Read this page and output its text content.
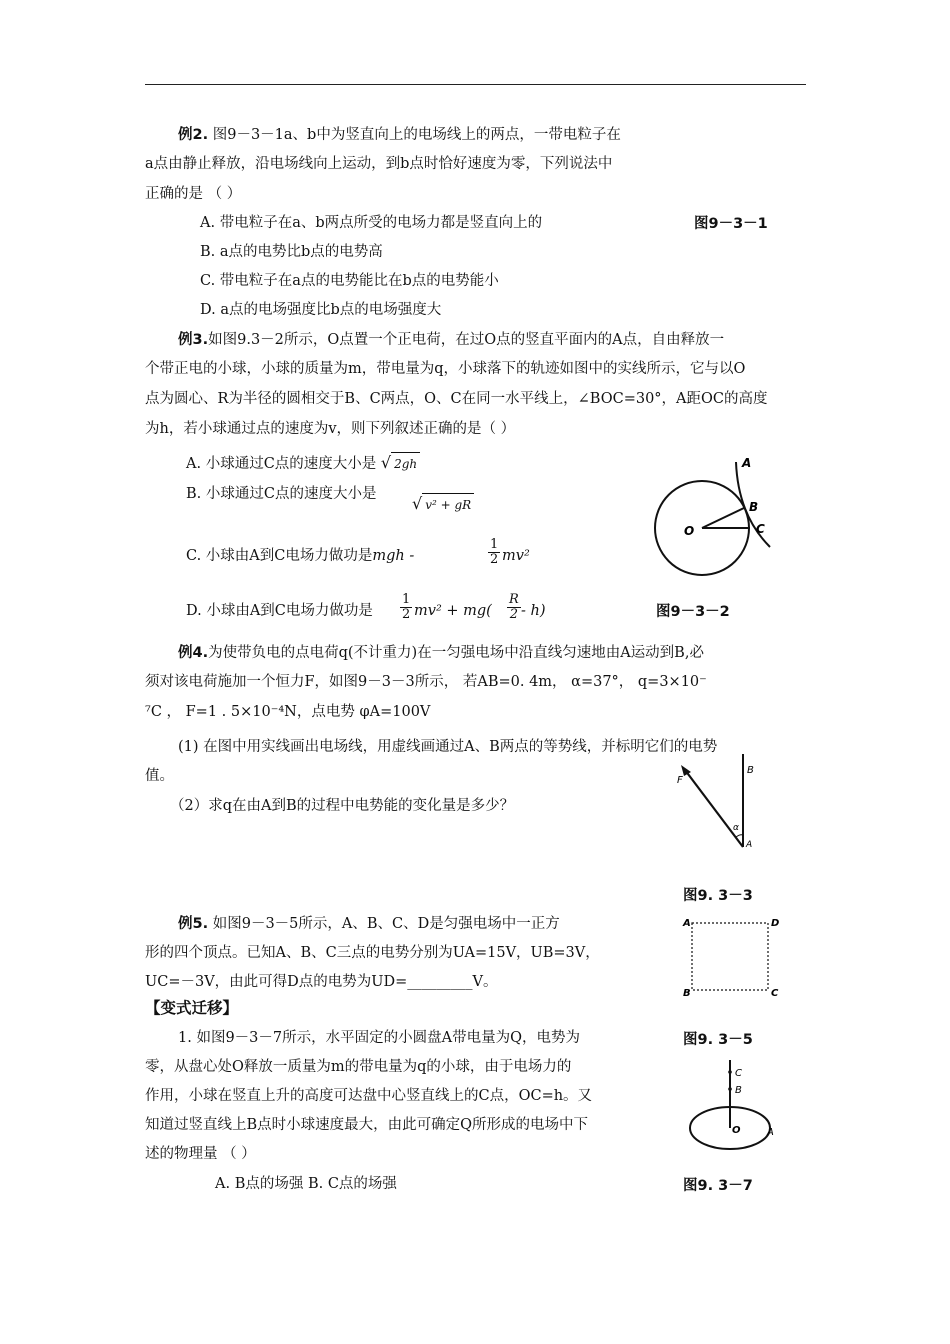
例2. 图9－3－1a、b中为竖直向上的电场线上的两点，一带电粒子在
a点由静止释放，沿电场线向上运动，到b点时恰好速度为零，下列说法中
正确的是 （ ）
A. 带电粒子在a、b两点所受的电场力都是竖直向上的	图9－3－1
B. a点的电势比b点的电势高
C. 带电粒子在a点的电势能比在b点的电势能小
D. a点的电场强度比b点的电场强度大
例3.如图9.3－2所示，O点置一个正电荷，在过O点的竖直平面内的A点，自由释放一
个带正电的小球，小球的质量为m，带电量为q，小球落下的轨迹如图中的实线所示，它与以O
点为圆心、R为半径的圆相交于B、C两点，O、C在同一水平线上，∠BOC=30°，A距OC的高度
为h，若小球通过点的速度为v，则下列叙述正确的是（ ）
A. 小球通过C点的速度大小是 √ 2gh
B. 小球通过C点的速度大小是 √ v² + gR
C. 小球由A到C电场力做功是mgh -	$\frac{1}{2} mv^2$
D. 小球由A到C电场力做功是 $\frac{1}{2} mv^2 + mg( \frac{R}{2} - h)$
A
B
C
O
图9－3－2
例4.为使带负电的点电荷q(不计重力)在一匀强电场中沿直线匀速地由A运动到B,必
须对该电荷施加一个恒力F，如图9－3－3所示， 若AB=0. 4m， α=37°， q=3×10⁻
⁷C ， F=1 . 5×10⁻⁴N，点电势 φA=100V
(1) 在图中用实线画出电场线，用虚线画通过A、B两点的等势线，并标明它们的电势
值。
（2）求q在由A到B的过程中电势能的变化量是多少？
B
F
α
A
图9. 3－3
例5. 如图9－3－5所示，A、B、C、D是匀强电场中一正方
形的四个顶点。已知A、B、C三点的电势分别为UA=15V，UB=3V，
UC=－3V，由此可得D点的电势为UD=_________V。
A	D
B	C
【变式迁移】
图9. 3－5
1. 如图9－3－7所示，水平固定的小圆盘A带电量为Q，电势为
零，从盘心处O释放一质量为m的带电量为q的小球，由于电场力的
作用，小球在竖直上升的高度可达盘中心竖直线上的C点，OC=h。又
知道过竖直线上B点时小球速度最大，由此可确定Q所形成的电场中下
述的物理量 （ ）
A. B点的场强 B. C点的场强
C
B
O	A
图9. 3－7
